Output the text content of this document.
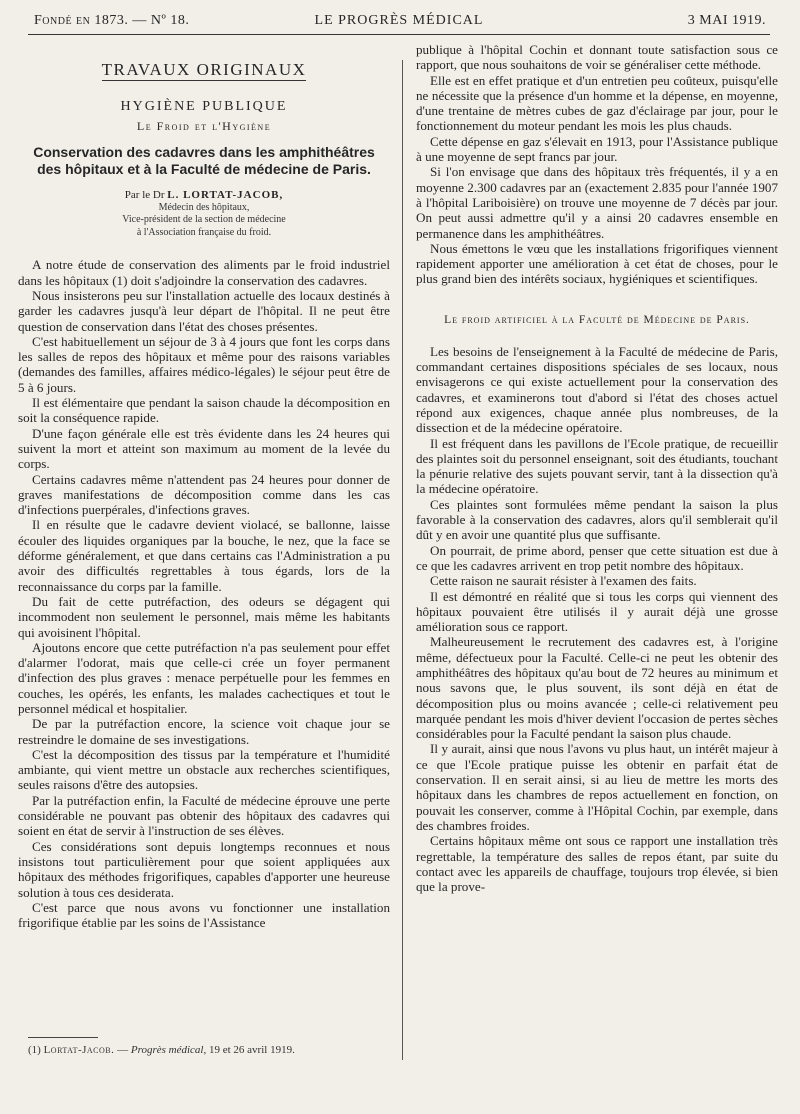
Fondé en 1873. — Nº 18.	LE PROGRÈS MÉDICAL	3 MAI 1919.
TRAVAUX ORIGINAUX
HYGIÈNE PUBLIQUE
Le Froid et l'Hygiène
Conservation des cadavres dans les amphithéâtres des hôpitaux et à la Faculté de médecine de Paris.
Par le Dr L. LORTAT-JACOB,

Médecin des hôpitaux,

Vice-président de la section de médecine

à l'Association française du froid.

A notre étude de conservation des aliments par le froid industriel dans les hôpitaux (1) doit s'adjoindre la conservation des cadavres.

Nous insisterons peu sur l'installation actuelle des locaux destinés à garder les cadavres jusqu'à leur départ de l'hôpital. Il ne peut être question de conservation dans l'état des choses présentes.

C'est habituellement un séjour de 3 à 4 jours que font les corps dans les salles de repos des hôpitaux et même pour des raisons variables (demandes des familles, affaires médico-légales) le séjour peut être de 5 à 6 jours.

Il est élémentaire que pendant la saison chaude la décomposition en soit la conséquence rapide.

D'une façon générale elle est très évidente dans les 24 heures qui suivent la mort et atteint son maximum au moment de la levée du corps.

Certains cadavres même n'attendent pas 24 heures pour donner de graves manifestations de décomposition comme dans les cas d'infections puerpérales, d'infections graves.

Il en résulte que le cadavre devient violacé, se ballonne, laisse écouler des liquides organiques par la bouche, le nez, que la face se déforme généralement, et que dans certains cas l'Administration a pu avoir des difficultés regrettables à tous égards, lors de la reconnaissance du corps par la famille.

Du fait de cette putréfaction, des odeurs se dégagent qui incommodent non seulement le personnel, mais même les habitants qui avoisinent l'hôpital.

Ajoutons encore que cette putréfaction n'a pas seulement pour effet d'alarmer l'odorat, mais que celle-ci crée un foyer permanent d'infection des plus graves : menace perpétuelle pour les femmes en couches, les opérés, les enfants, les malades cachectiques et tout le personnel médical et hospitalier.

De par la putréfaction encore, la science voit chaque jour se restreindre le domaine de ses investigations.

C'est la décomposition des tissus par la température et l'humidité ambiante, qui vient mettre un obstacle aux recherches scientifiques, seules raisons d'être des autopsies.

Par la putréfaction enfin, la Faculté de médecine éprouve une perte considérable ne pouvant pas obtenir des hôpitaux des cadavres qui soient en état de servir à l'instruction de ses élèves.

Ces considérations sont depuis longtemps reconnues et nous insistons tout particulièrement pour que soient appliquées aux hôpitaux des méthodes frigorifiques, capables d'apporter une heureuse solution à tous ces desiderata.

C'est parce que nous avons vu fonctionner une installation frigorifique établie par les soins de l'Assistance

publique à l'hôpital Cochin et donnant toute satisfaction sous ce rapport, que nous souhaitons de voir se généraliser cette méthode.

Elle est en effet pratique et d'un entretien peu coûteux, puisqu'elle ne nécessite que la présence d'un homme et la dépense, en moyenne, d'une trentaine de mètres cubes de gaz d'éclairage par jour, pour le fonctionnement du moteur pendant les mois les plus chauds.

Cette dépense en gaz s'élevait en 1913, pour l'Assistance publique à une moyenne de sept francs par jour.

Si l'on envisage que dans des hôpitaux très fréquentés, il y a en moyenne 2.300 cadavres par an (exactement 2.835 pour l'année 1907 à l'hôpital Lariboisière) on trouve une moyenne de 7 décès par jour. On peut aussi admettre qu'il y a ainsi 20 cadavres ensemble en permanence dans les amphithéâtres.

Nous émettons le vœu que les installations frigorifiques viennent rapidement apporter une amélioration à cet état de choses, pour le plus grand bien des intérêts sociaux, hygiéniques et scientifiques.

Le froid artificiel à la Faculté de Médecine de Paris.

Les besoins de l'enseignement à la Faculté de médecine de Paris, commandant certaines dispositions spéciales de ses locaux, nous envisagerons ce qui existe actuellement pour la conservation des cadavres, et examinerons tout d'abord si l'état des choses actuel répond aux exigences, chaque année plus nombreuses, de la dissection et de la médecine opératoire.

Il est fréquent dans les pavillons de l'Ecole pratique, de recueillir des plaintes soit du personnel enseignant, soit des étudiants, touchant la pénurie relative des sujets pouvant servir, tant à la dissection qu'à la médecine opératoire.

Ces plaintes sont formulées même pendant la saison la plus favorable à la conservation des cadavres, alors qu'il semblerait qu'il dût y en avoir une quantité plus que suffisante.

On pourrait, de prime abord, penser que cette situation est due à ce que les cadavres arrivent en trop petit nombre des hôpitaux.

Cette raison ne saurait résister à l'examen des faits.

Il est démontré en réalité que si tous les corps qui viennent des hôpitaux pouvaient être utilisés il y aurait déjà une grosse amélioration sous ce rapport.

Malheureusement le recrutement des cadavres est, à l'origine même, défectueux pour la Faculté. Celle-ci ne peut les obtenir des amphithéâtres des hôpitaux qu'au bout de 72 heures au minimum et nous savons que, le plus souvent, ils sont déjà en état de décomposition plus ou moins avancée ; celle-ci relativement peu marquée pendant les mois d'hiver devient l'occasion de pertes sèches considérables pour la Faculté pendant la saison plus chaude.

Il y aurait, ainsi que nous l'avons vu plus haut, un intérêt majeur à ce que l'Ecole pratique puisse les obtenir en parfait état de conservation. Il en serait ainsi, si au lieu de mettre les morts des hôpitaux dans les chambres de repos actuellement en fonction, on pouvait les conserver, comme à l'Hôpital Cochin, par exemple, dans des chambres froides.

Certains hôpitaux même ont sous ce rapport une installation très regrettable, la température des salles de repos étant, par suite du contact avec les appareils de chauffage, toujours trop élevée, si bien que la prove-

(1) Lortat-Jacob. — Progrès médical, 19 et 26 avril 1919.
